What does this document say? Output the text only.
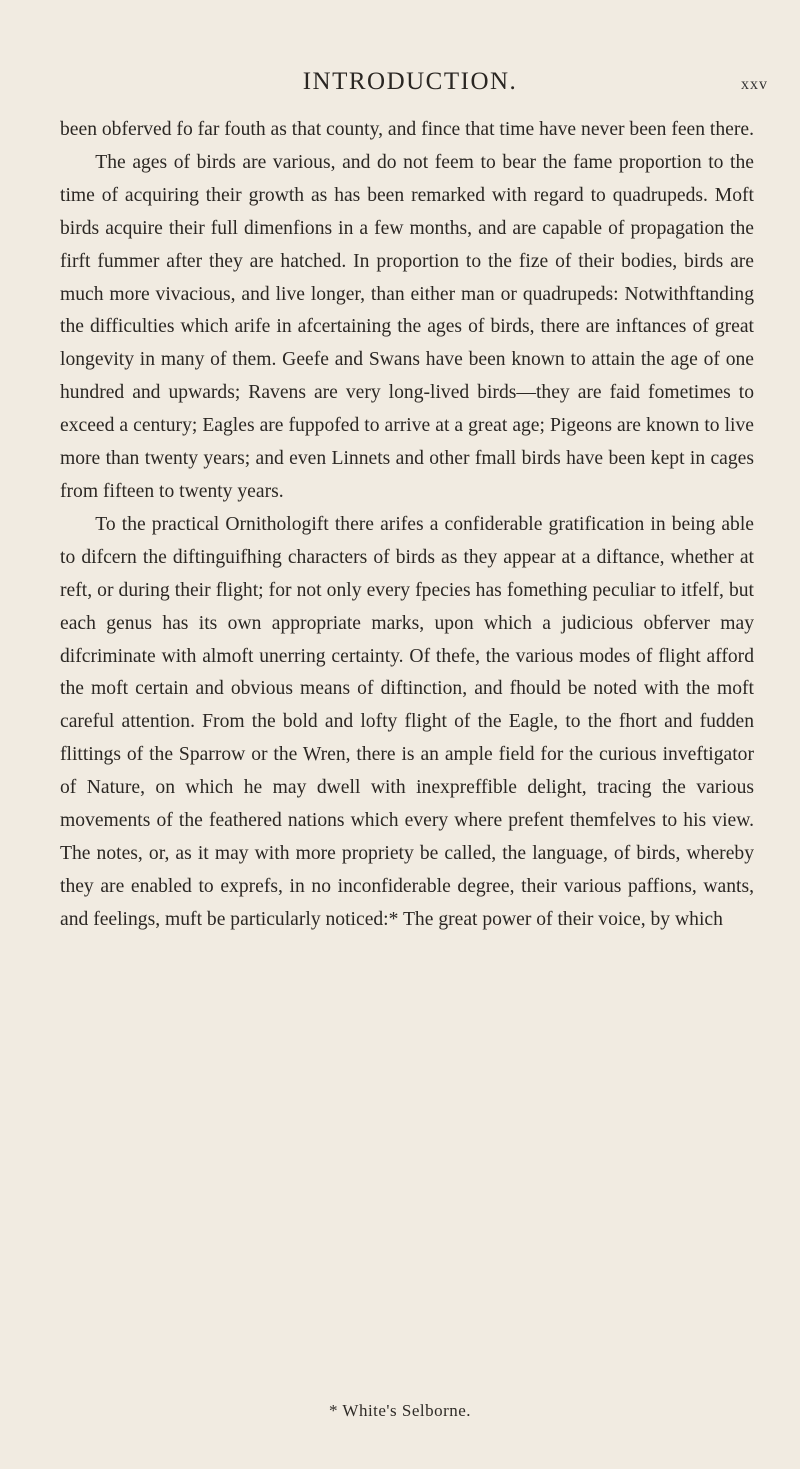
INTRODUCTION.	xxv

been obferved fo far fouth as that county, and fince that time have never been feen there.

The ages of birds are various, and do not feem to bear the fame proportion to the time of acquiring their growth as has been remarked with regard to quadrupeds. Moft birds acquire their full dimenfions in a few months, and are capable of propagation the firft fummer after they are hatched. In proportion to the fize of their bodies, birds are much more vivacious, and live longer, than either man or quadrupeds: Notwithftanding the difficulties which arife in afcertaining the ages of birds, there are inftances of great longevity in many of them. Geefe and Swans have been known to attain the age of one hundred and upwards; Ravens are very long-lived birds—they are faid fometimes to exceed a century; Eagles are fuppofed to arrive at a great age; Pigeons are known to live more than twenty years; and even Linnets and other fmall birds have been kept in cages from fifteen to twenty years.

To the practical Ornithologift there arifes a confiderable gratification in being able to difcern the diftinguifhing characters of birds as they appear at a diftance, whether at reft, or during their flight; for not only every fpecies has fomething peculiar to itfelf, but each genus has its own appropriate marks, upon which a judicious obferver may difcriminate with almoft unerring certainty. Of thefe, the various modes of flight afford the moft certain and obvious means of diftinction, and fhould be noted with the moft careful attention. From the bold and lofty flight of the Eagle, to the fhort and fudden flittings of the Sparrow or the Wren, there is an ample field for the curious inveftigator of Nature, on which he may dwell with inexpreffible delight, tracing the various movements of the feathered nations which every where prefent themfelves to his view. The notes, or, as it may with more propriety be called, the language, of birds, whereby they are enabled to exprefs, in no inconfiderable degree, their various paffions, wants, and feelings, muft be particularly noticed:* The great power of their voice, by which

* White's Selborne.
